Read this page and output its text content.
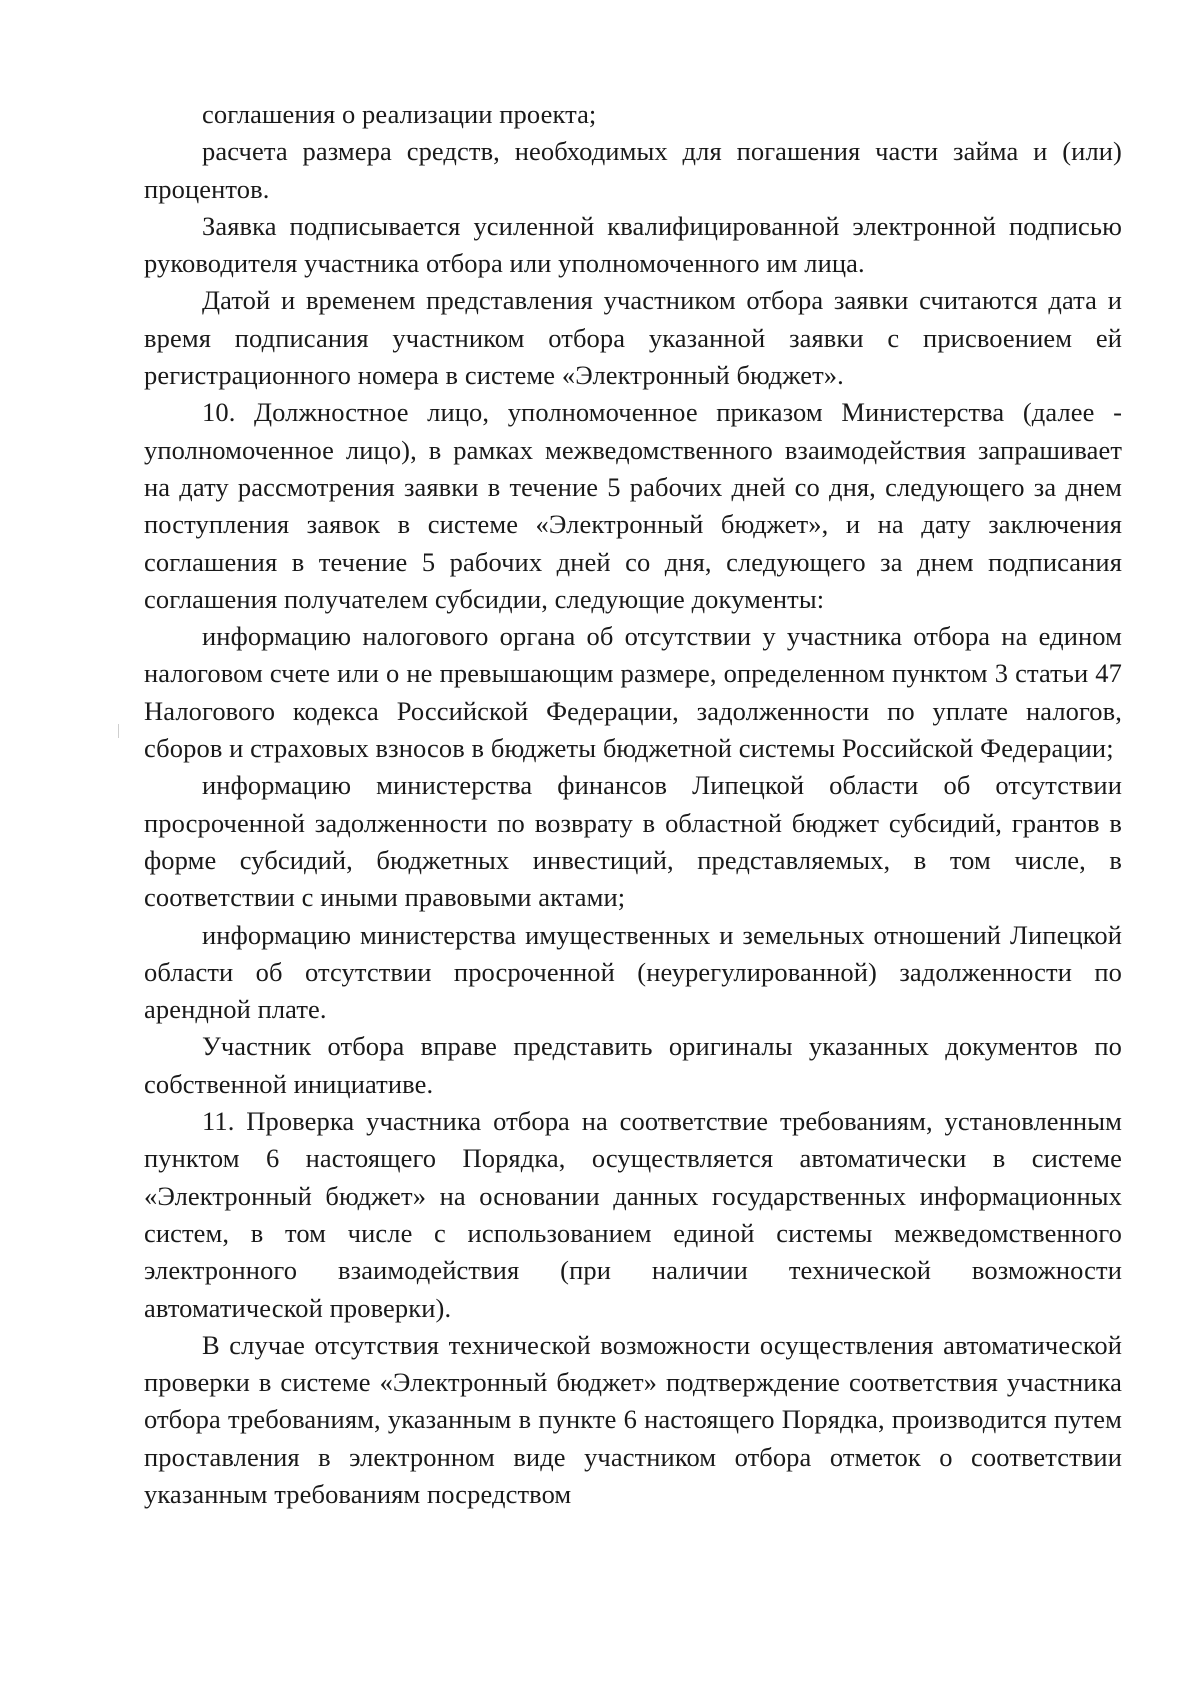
соглашения о реализации проекта;

расчета размера средств, необходимых для погашения части займа и (или) процентов.

Заявка подписывается усиленной квалифицированной электронной подписью руководителя участника отбора или уполномоченного им лица.

Датой и временем представления участником отбора заявки считаются дата и время подписания участником отбора указанной заявки с присвоением ей регистрационного номера в системе «Электронный бюджет».

10. Должностное лицо, уполномоченное приказом Министерства (далее - уполномоченное лицо), в рамках межведомственного взаимодействия запрашивает на дату рассмотрения заявки в течение 5 рабочих дней со дня, следующего за днем поступления заявок в системе «Электронный бюджет», и на дату заключения соглашения в течение 5 рабочих дней со дня, следующего за днем подписания соглашения получателем субсидии, следующие документы:

информацию налогового органа об отсутствии у участника отбора на едином налоговом счете или о не превышающим размере, определенном пунктом 3 статьи 47 Налогового кодекса Российской Федерации, задолженности по уплате налогов, сборов и страховых взносов в бюджеты бюджетной системы Российской Федерации;

информацию министерства финансов Липецкой области об отсутствии просроченной задолженности по возврату в областной бюджет субсидий, грантов в форме субсидий, бюджетных инвестиций, представляемых, в том числе, в соответствии с иными правовыми актами;

информацию министерства имущественных и земельных отношений Липецкой области об отсутствии просроченной (неурегулированной) задолженности по арендной плате.

Участник отбора вправе представить оригиналы указанных документов по собственной инициативе.

11. Проверка участника отбора на соответствие требованиям, установленным пунктом 6 настоящего Порядка, осуществляется автоматически в системе «Электронный бюджет» на основании данных государственных информационных систем, в том числе с использованием единой системы межведомственного электронного взаимодействия (при наличии технической возможности автоматической проверки).

В случае отсутствия технической возможности осуществления автоматической проверки в системе «Электронный бюджет» подтверждение соответствия участника отбора требованиям, указанным в пункте 6 настоящего Порядка, производится путем проставления в электронном виде участником отбора отметок о соответствии указанным требованиям посредством
